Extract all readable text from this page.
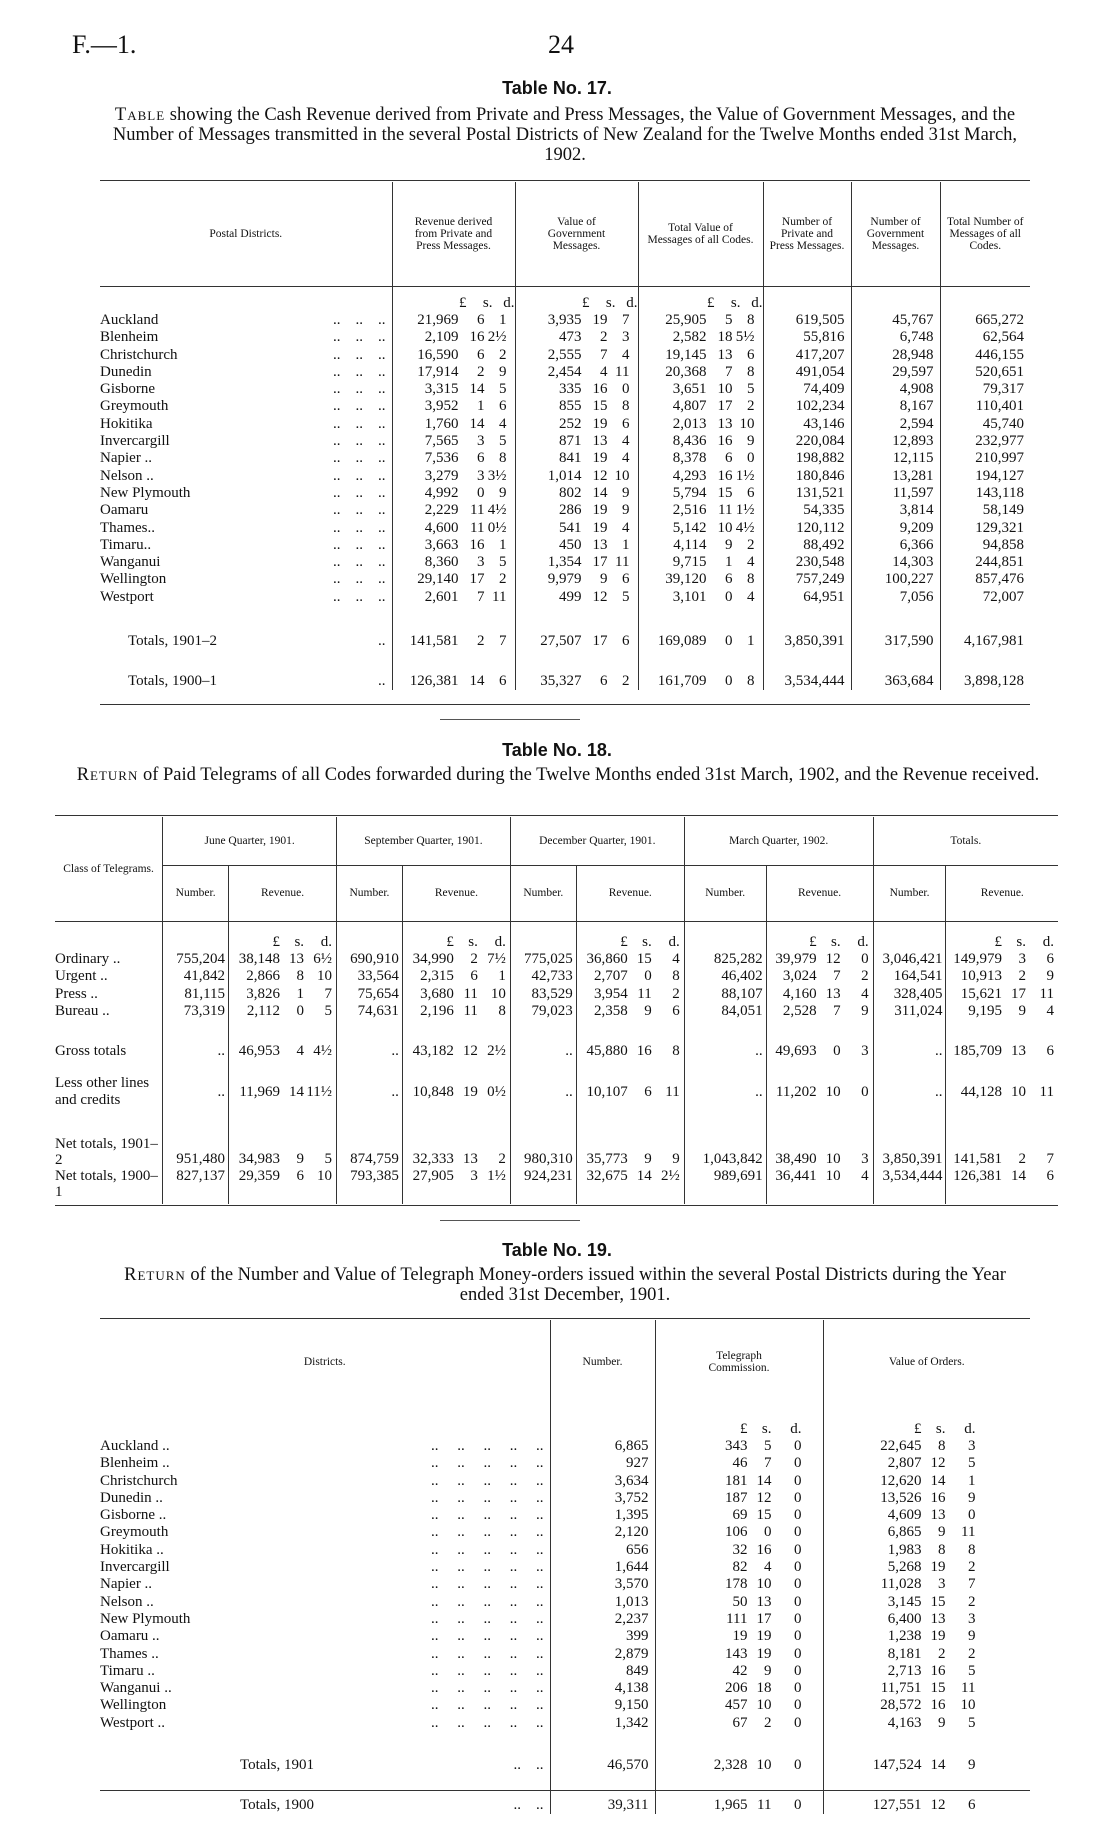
F.—1.	24
Table No. 17.
Table showing the Cash Revenue derived from Private and Press Messages, the Value of Government Messages, and the Number of Messages transmitted in the several Postal Districts of New Zealand for the Twelve Months ended 31st March, 1902.
Postal Districts.	Revenue derived from Private and Press Messages.	Value of Government Messages.	Total Value of Messages of all Codes.	Number of Private and Press Messages.	Number of Government Messages.	Total Number of Messages of all Codes.
	£ s. d.	£ s. d.	£ s. d.			
Auckland ..    ..    ..	21,969 6 1	3,935 19 7	25,905 5 8	619,505	45,767	665,272
Blenheim ..    ..    ..	2,109 16 2½	473 2 3	2,582 18 5½	55,816	6,748	62,564
Christchurch ..    ..    ..	16,590 6 2	2,555 7 4	19,145 13 6	417,207	28,948	446,155
Dunedin ..    ..    ..	17,914 2 9	2,454 4 11	20,368 7 8	491,054	29,597	520,651
Gisborne ..    ..    ..	3,315 14 5	335 16 0	3,651 10 5	74,409	4,908	79,317
Greymouth ..    ..    ..	3,952 1 6	855 15 8	4,807 17 2	102,234	8,167	110,401
Hokitika ..    ..    ..	1,760 14 4	252 19 6	2,013 13 10	43,146	2,594	45,740
Invercargill ..    ..    ..	7,565 3 5	871 13 4	8,436 16 9	220,084	12,893	232,977
Napier .. ..    ..    ..	7,536 6 8	841 19 4	8,378 6 0	198,882	12,115	210,997
Nelson .. ..    ..    ..	3,279 3 3½	1,014 12 10	4,293 16 1½	180,846	13,281	194,127
New Plymouth ..    ..    ..	4,992 0 9	802 14 9	5,794 15 6	131,521	11,597	143,118
Oamaru ..    ..    ..	2,229 11 4½	286 19 9	2,516 11 1½	54,335	3,814	58,149
Thames.. ..    ..    ..	4,600 11 0½	541 19 4	5,142 10 4½	120,112	9,209	129,321
Timaru.. ..    ..    ..	3,663 16 1	450 13 1	4,114 9 2	88,492	6,366	94,858
Wanganui ..    ..    ..	8,360 3 5	1,354 17 11	9,715 1 4	230,548	14,303	244,851
Wellington ..    ..    ..	29,140 17 2	9,979 9 6	39,120 6 8	757,249	100,227	857,476
Westport ..    ..    ..	2,601 7 11	499 12 5	3,101 0 4	64,951	7,056	72,007
Totals, 1901–2 ..	141,581 2 7	27,507 17 6	169,089 0 1	3,850,391	317,590	4,167,981
Totals, 1900–1 ..	126,381 14 6	35,327 6 2	161,709 0 8	3,534,444	363,684	3,898,128
Table No. 18.
Return of Paid Telegrams of all Codes forwarded during the Twelve Months ended 31st March, 1902, and the Revenue received.
Class of Telegrams.	June Quarter, 1901.		September Quarter, 1901.		December Quarter, 1901.		March Quarter, 1902.		Totals.	
	Number.	Revenue.	Number.	Revenue.	Number.	Revenue.	Number.	Revenue.	Number.	Revenue.
		£ s. d.		£ s. d.		£ s. d.		£ s. d.		£ s. d.
Ordinary ..	755,204	38,148 13 6½	690,910	34,990 2 7½	775,025	36,860 15 4	825,282	39,979 12 0	3,046,421	149,979 3 6
Urgent ..	41,842	2,866 8 10	33,564	2,315 6 1	42,733	2,707 0 8	46,402	3,024 7 2	164,541	10,913 2 9
Press ..	81,115	3,826 1 7	75,654	3,680 11 10	83,529	3,954 11 2	88,107	4,160 13 4	328,405	15,621 17 11
Bureau ..	73,319	2,112 0 5	74,631	2,196 11 8	79,023	2,358 9 6	84,051	2,528 7 9	311,024	9,195 9 4
Gross totals	..	46,953 4 4½	..	43,182 12 2½	..	45,880 16 8	..	49,693 0 3	..	185,709 13 6
Less other lines and credits	..	11,969 14 11½	..	10,848 19 0½	..	10,107 6 11	..	11,202 10 0	..	44,128 10 11
Net totals, 1901–2	951,480	34,983 9 5	874,759	32,333 13 2	980,310	35,773 9 9	1,043,842	38,490 10 3	3,850,391	141,581 2 7
Net totals, 1900–1	827,137	29,359 6 10	793,385	27,905 3 1½	924,231	32,675 14 2½	989,691	36,441 10 4	3,534,444	126,381 14 6
Table No. 19.
Return of the Number and Value of Telegraph Money-orders issued within the several Postal Districts during the Year ended 31st December, 1901.
Districts.	Number.	Telegraph Commission.	Value of Orders.
		£ s. d.	£ s. d.
Auckland .. ..     ..     ..     ..     ..	6,865	343 5 0	22,645 8 3
Blenheim .. ..     ..     ..     ..     ..	927	46 7 0	2,807 12 5
Christchurch ..     ..     ..     ..     ..	3,634	181 14 0	12,620 14 1
Dunedin .. ..     ..     ..     ..     ..	3,752	187 12 0	13,526 16 9
Gisborne .. ..     ..     ..     ..     ..	1,395	69 15 0	4,609 13 0
Greymouth ..     ..     ..     ..     ..	2,120	106 0 0	6,865 9 11
Hokitika .. ..     ..     ..     ..     ..	656	32 16 0	1,983 8 8
Invercargill ..     ..     ..     ..     ..	1,644	82 4 0	5,268 19 2
Napier .. ..     ..     ..     ..     ..	3,570	178 10 0	11,028 3 7
Nelson .. ..     ..     ..     ..     ..	1,013	50 13 0	3,145 15 2
New Plymouth ..     ..     ..     ..     ..	2,237	111 17 0	6,400 13 3
Oamaru .. ..     ..     ..     ..     ..	399	19 19 0	1,238 19 9
Thames .. ..     ..     ..     ..     ..	2,879	143 19 0	8,181 2 2
Timaru .. ..     ..     ..     ..     ..	849	42 9 0	2,713 16 5
Wanganui .. ..     ..     ..     ..     ..	4,138	206 18 0	11,751 15 11
Wellington ..     ..     ..     ..     ..	9,150	457 10 0	28,572 16 10
Westport .. ..     ..     ..     ..     ..	1,342	67 2 0	4,163 9 5
Totals, 1901 ..    ..	46,570	2,328 10 0	147,524 14 9
Totals, 1900 ..    ..	39,311	1,965 11 0	127,551 12 6
